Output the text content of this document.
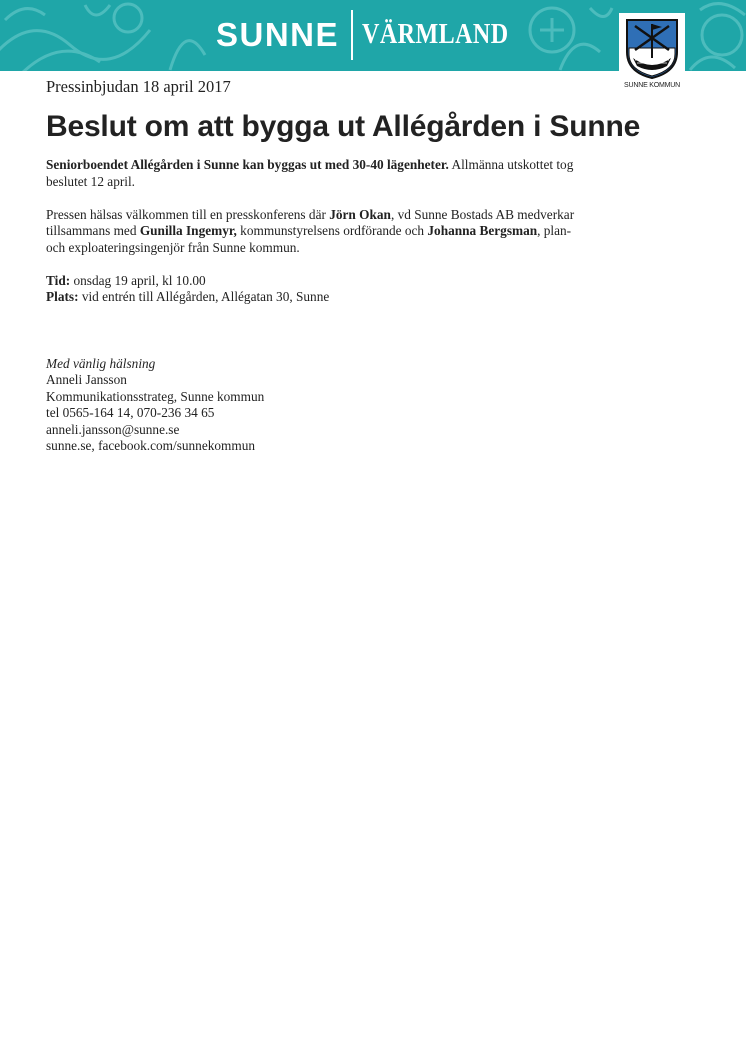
SUNNE VÄRMLAND
SUNNE KOMMUN
Pressinbjudan 18 april 2017
Beslut om att bygga ut Allégården i Sunne

Seniorboendet Allégården i Sunne kan byggas ut med 30-40 lägenheter. Allmänna utskottet tog
beslutet 12 april.

Pressen hälsas välkommen till en presskonferens där Jörn Okan, vd Sunne Bostads AB medverkar
tillsammans med Gunilla Ingemyr, kommunstyrelsens ordförande och Johanna Bergsman, plan-
och exploateringsingenjör från Sunne kommun.

Tid: onsdag 19 april, kl 10.00
Plats: vid entrén till Allégården, Allégatan 30, Sunne

Med vänlig hälsning
Anneli Jansson
Kommunikationsstrateg, Sunne kommun
tel 0565-164 14, 070-236 34 65
anneli.jansson@sunne.se
sunne.se, facebook.com/sunnekommun
